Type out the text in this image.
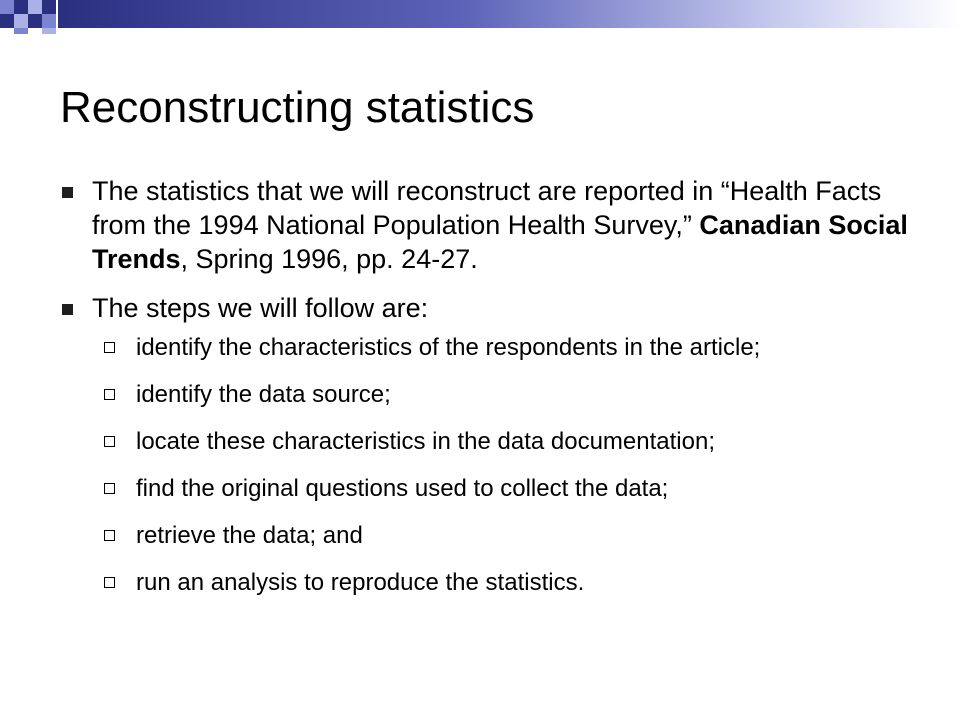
Reconstructing statistics
The statistics that we will reconstruct are reported in “Health Facts from the 1994 National Population Health Survey,” Canadian Social Trends, Spring 1996, pp. 24-27.
The steps we will follow are:
identify the characteristics of the respondents in the article;
identify the data source;
locate these characteristics in the data documentation;
find the original questions used to collect the data;
retrieve the data; and
run an analysis to reproduce the statistics.
